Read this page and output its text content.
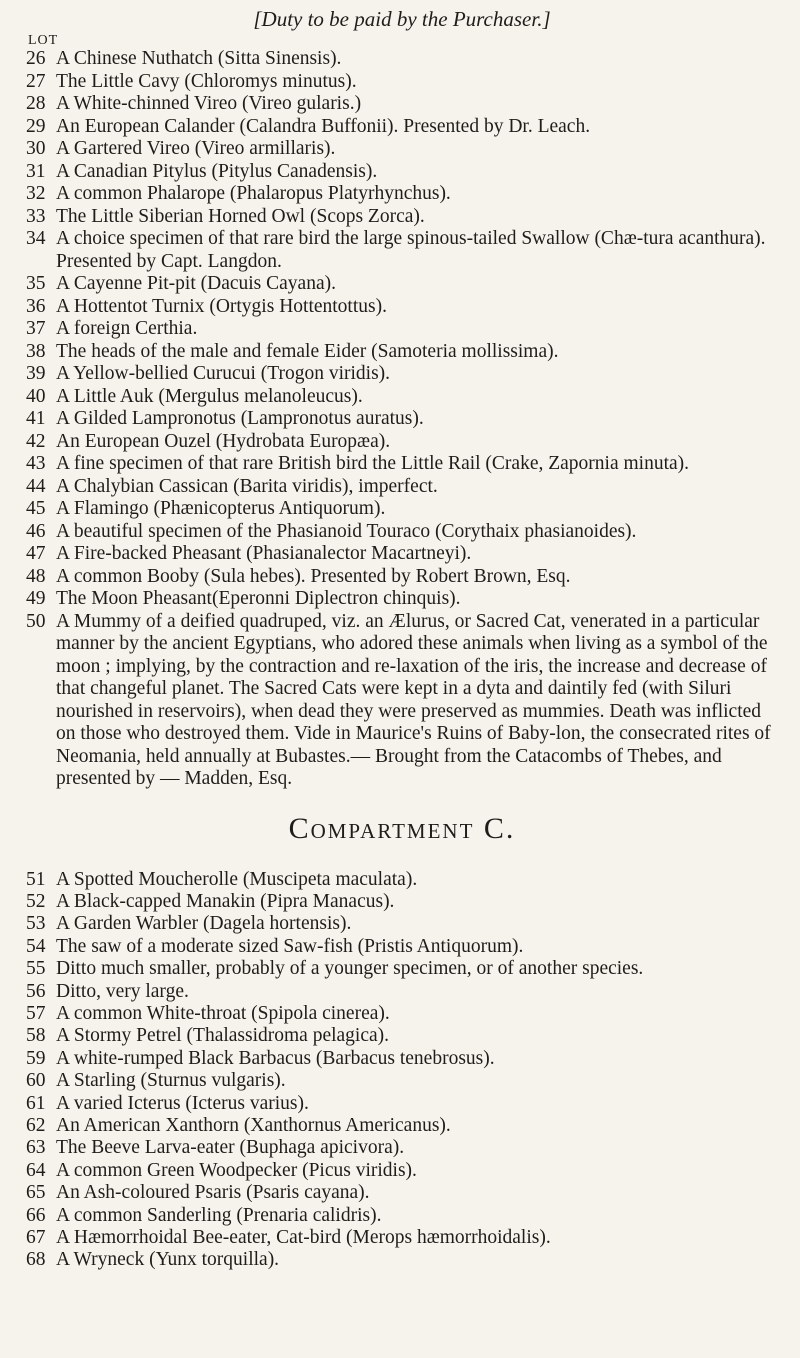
[Duty to be paid by the Purchaser.]
LOT
26 A Chinese Nuthatch (Sitta Sinensis).
27 The Little Cavy (Chloromys minutus).
28 A White-chinned Vireo (Vireo gularis.)
29 An European Calander (Calandra Buffonii). Presented by Dr. Leach.
30 A Gartered Vireo (Vireo armillaris).
31 A Canadian Pitylus (Pitylus Canadensis).
32 A common Phalarope (Phalaropus Platyrhynchus).
33 The Little Siberian Horned Owl (Scops Zorca).
34 A choice specimen of that rare bird the large spinous-tailed Swallow (Chæ-tura acanthura). Presented by Capt. Langdon.
35 A Cayenne Pit-pit (Dacuis Cayana).
36 A Hottentot Turnix (Ortygis Hottentottus).
37 A foreign Certhia.
38 The heads of the male and female Eider (Samoteria mollissima).
39 A Yellow-bellied Curucui (Trogon viridis).
40 A Little Auk (Mergulus melanoleucus).
41 A Gilded Lampronotus (Lampronotus auratus).
42 An European Ouzel (Hydrobata Europæa).
43 A fine specimen of that rare British bird the Little Rail (Crake, Zapornia minuta).
44 A Chalybian Cassican (Barita viridis), imperfect.
45 A Flamingo (Phænicopterus Antiquorum).
46 A beautiful specimen of the Phasianoid Touraco (Corythaix phasianoides).
47 A Fire-backed Pheasant (Phasianalector Macartneyi).
48 A common Booby (Sula hebes). Presented by Robert Brown, Esq.
49 The Moon Pheasant(Eperonni Diplectron chinquis).
50 A Mummy of a deified quadruped, viz. an Ælurus, or Sacred Cat, venerated in a particular manner by the ancient Egyptians, who adored these animals when living as a symbol of the moon ; implying, by the contraction and re-laxation of the iris, the increase and decrease of that changeful planet. The Sacred Cats were kept in a dyta and daintily fed (with Siluri nourished in reservoirs), when dead they were preserved as mummies. Death was inflicted on those who destroyed them. Vide in Maurice's Ruins of Baby-lon, the consecrated rites of Neomania, held annually at Bubastes.— Brought from the Catacombs of Thebes, and presented by — Madden, Esq.
Compartment C.
51 A Spotted Moucherolle (Muscipeta maculata).
52 A Black-capped Manakin (Pipra Manacus).
53 A Garden Warbler (Dagela hortensis).
54 The saw of a moderate sized Saw-fish (Pristis Antiquorum).
55 Ditto much smaller, probably of a younger specimen, or of another species.
56 Ditto, very large.
57 A common White-throat (Spipola cinerea).
58 A Stormy Petrel (Thalassidroma pelagica).
59 A white-rumped Black Barbacus (Barbacus tenebrosus).
60 A Starling (Sturnus vulgaris).
61 A varied Icterus (Icterus varius).
62 An American Xanthorn (Xanthornus Americanus).
63 The Beeve Larva-eater (Buphaga apicivora).
64 A common Green Woodpecker (Picus viridis).
65 An Ash-coloured Psaris (Psaris cayana).
66 A common Sanderling (Prenaria calidris).
67 A Hæmorrhoidal Bee-eater, Cat-bird (Merops hæmorrhoidalis).
68 A Wryneck (Yunx torquilla).
